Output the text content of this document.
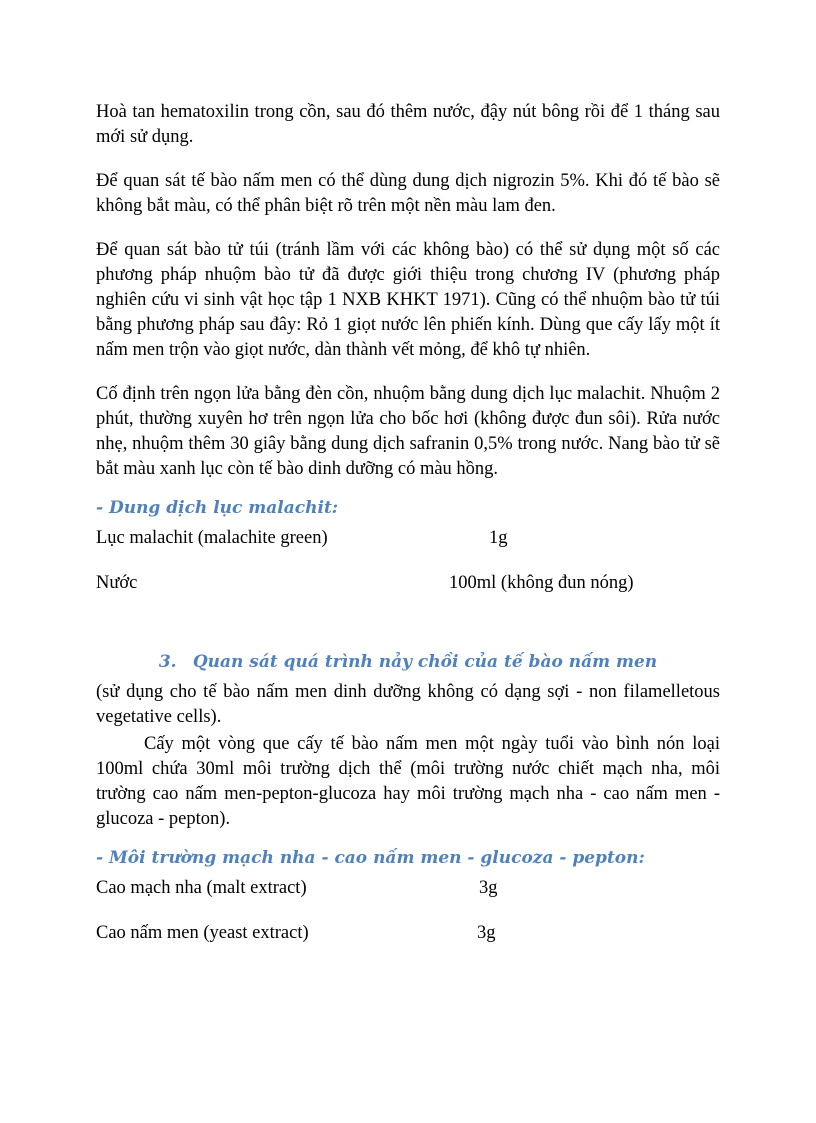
Hoà tan hematoxilin trong cồn, sau đó thêm nước, đậy nút bông rồi để 1 tháng sau mới sử dụng.

Để quan sát tế bào nấm men có thể dùng dung dịch nigrozin 5%. Khi đó tế bào sẽ không bắt màu, có thể phân biệt rõ trên một nền màu lam đen.

Để quan sát bào tử túi (tránh lầm với các không bào) có thể sử dụng một số các phương pháp nhuộm bào tử đã được giới thiệu trong chương IV (phương pháp nghiên cứu vi sinh vật học tập 1 NXB KHKT 1971). Cũng có thể nhuộm bào tử túi bằng phương pháp sau đây: Rỏ 1 giọt nước lên phiến kính. Dùng que cấy lấy một ít nấm men trộn vào giọt nước, dàn thành vết mỏng, để khô tự nhiên.

Cố định trên ngọn lửa bằng đèn cồn, nhuộm bằng dung dịch lục malachit. Nhuộm 2 phút, thường xuyên hơ trên ngọn lửa cho bốc hơi (không được đun sôi). Rửa nước nhẹ, nhuộm thêm 30 giây bằng dung dịch safranin 0,5% trong nước. Nang bào tử sẽ bắt màu xanh lục còn tế bào dinh dưỡng có màu hồng.

- Dung dịch lục malachit:
Lục malachit (malachite green)	1g
Nước	100ml (không đun nóng)
3. Quan sát quá trình nảy chồi của tế bào nấm men

(sử dụng cho tế bào nấm men dinh dưỡng không có dạng sợi - non filamelletous vegetative cells).

Cấy một vòng que cấy tế bào nấm men một ngày tuổi vào bình nón loại 100ml chứa 30ml môi trường dịch thể (môi trường nước chiết mạch nha, môi trường cao nấm men-pepton-glucoza hay môi trường mạch nha - cao nấm men - glucoza - pepton).

- Môi trường mạch nha - cao nấm men - glucoza - pepton:
Cao mạch nha (malt extract)	3g
Cao nấm men (yeast extract)	3g
